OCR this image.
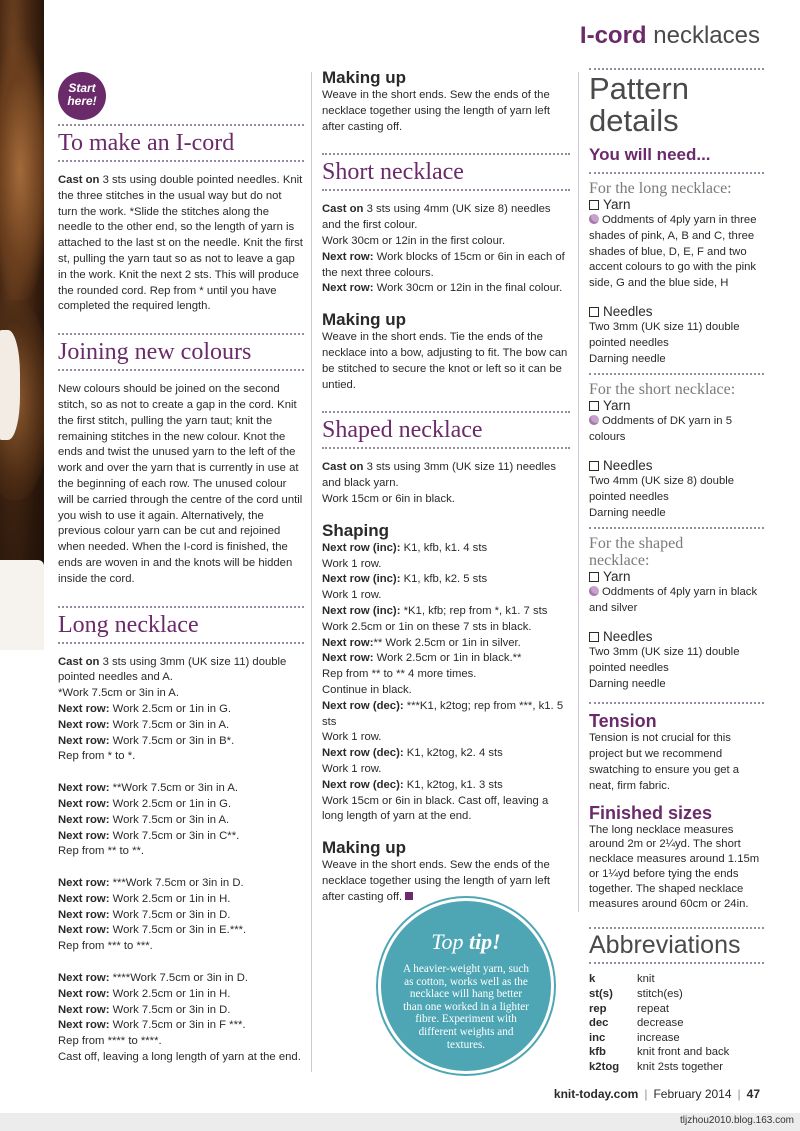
I-cord necklaces
Start
here!
To make an I-cord

Cast on 3 sts using double pointed needles. Knit the three stitches in the usual way but do not turn the work. *Slide the stitches along the needle to the other end, so the length of yarn is attached to the last st on the needle. Knit the first st, pulling the yarn taut so as not to leave a gap in the work. Knit the next 2 sts. This will produce the rounded cord. Rep from * until you have completed the required length.

Joining new colours

New colours should be joined on the second stitch, so as not to create a gap in the cord. Knit the first stitch, pulling the yarn taut; knit the remaining stitches in the new colour. Knot the ends and twist the unused yarn to the left of the work and over the yarn that is currently in use at the beginning of each row. The unused colour will be carried through the centre of the cord until you wish to use it again. Alternatively, the previous colour yarn can be cut and rejoined when needed. When the I-cord is finished, the ends are woven in and the knots will be hidden inside the cord.

Long necklace

Cast on 3 sts using 3mm (UK size 11) double pointed needles and A.

*Work 7.5cm or 3in in A.

Next row: Work 2.5cm or 1in in G.

Next row: Work 7.5cm or 3in in A.

Next row: Work 7.5cm or 3in in B*.

Rep from * to *.

Next row: **Work 7.5cm or 3in in A.

Next row: Work 2.5cm or 1in in G.

Next row: Work 7.5cm or 3in in A.

Next row: Work 7.5cm or 3in in C**.

Rep from ** to **.

Next row: ***Work 7.5cm or 3in in D.

Next row: Work 2.5cm or 1in in H.

Next row: Work 7.5cm or 3in in D.

Next row: Work 7.5cm or 3in in E.***.

Rep from *** to ***.

Next row: ****Work 7.5cm or 3in in D.

Next row: Work 2.5cm or 1in in H.

Next row: Work 7.5cm or 3in in D.

Next row: Work 7.5cm or 3in in F ***.

Rep from **** to ****.

Cast off, leaving a long length of yarn at the end.

Making up

Weave in the short ends. Sew the ends of the necklace together using the length of yarn left after casting off.

Short necklace

Cast on 3 sts using 4mm (UK size 8) needles and the first colour.

Work 30cm or 12in in the first colour.

Next row: Work blocks of 15cm or 6in in each of the next three colours.

Next row: Work 30cm or 12in in the final colour.

Making up

Weave in the short ends. Tie the ends of the necklace into a bow, adjusting to fit. The bow can be stitched to secure the knot or left so it can be untied.

Shaped necklace

Cast on 3 sts using 3mm (UK size 11) needles and black yarn.

Work 15cm or 6in in black.

Shaping

Next row (inc): K1, kfb, k1. 4 sts

Work 1 row.

Next row (inc): K1, kfb, k2. 5 sts

Work 1 row.

Next row (inc): *K1, kfb; rep from *, k1. 7 sts

Work 2.5cm or 1in on these 7 sts in black.

Next row:** Work 2.5cm or 1in in silver.

Next row: Work 2.5cm or 1in in black.**

Rep from ** to ** 4 more times.

Continue in black.

Next row (dec): ***K1, k2tog; rep from ***, k1. 5 sts

Work 1 row.

Next row (dec): K1, k2tog, k2. 4 sts

Work 1 row.

Next row (dec): K1, k2tog, k1. 3 sts

Work 15cm or 6in in black. Cast off, leaving a long length of yarn at the end.

Making up

Weave in the short ends. Sew the ends of the necklace together using the length of yarn left after casting off.

Top tip!
A heavier-weight yarn, such as cotton, works well as the necklace will hang better than one worked in a lighter fibre. Experiment with different weights and textures.
Pattern
details
You will need...
For the long necklace:
Yarn

Oddments of 4ply yarn in three shades of pink, A, B and C, three shades of blue, D, E, F and two accent colours to go with the pink side, G and the blue side, H

Needles

Two 3mm (UK size 11) double pointed needles

Darning needle

For the short necklace:
Yarn

Oddments of DK yarn in 5 colours

Needles

Two 4mm (UK size 8) double pointed needles

Darning needle

For the shaped necklace:
Yarn

Oddments of 4ply yarn in black and silver

Needles

Two 3mm (UK size 11) double pointed needles

Darning needle

Tension

Tension is not crucial for this project but we recommend swatching to ensure you get a neat, firm fabric.

Finished sizes

The long necklace measures around 2m or 2¼yd. The short necklace measures around 1.15m or 1¼yd before tying the ends together. The shaped necklace measures around 60cm or 24in.

Abbreviations
k	knit
st(s)	stitch(es)
rep	repeat
dec	decrease
inc	increase
kfb	knit front and back
k2tog	knit 2sts together
knit-today.com | February 2014 | 47
tljzhou2010.blog.163.com
